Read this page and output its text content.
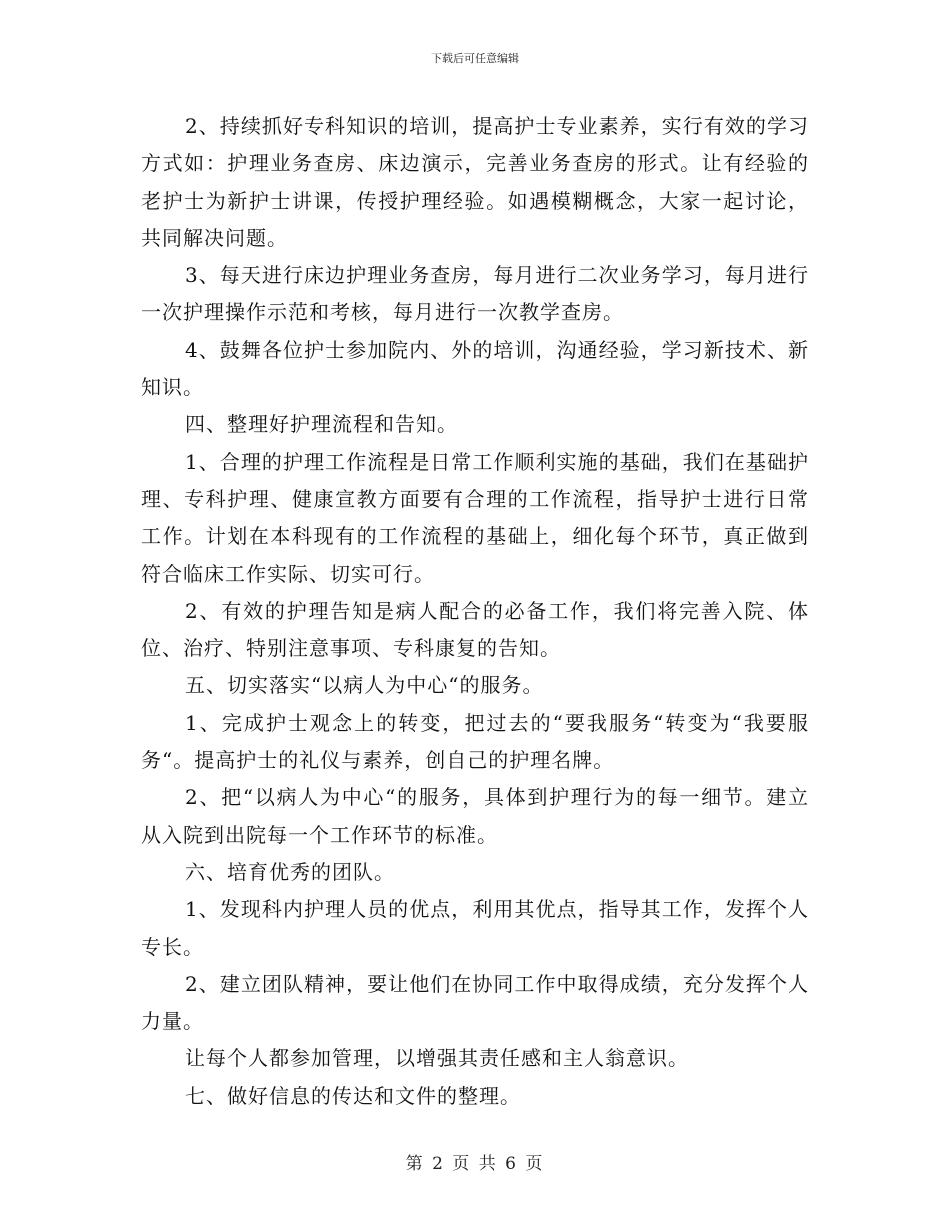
下载后可任意编辑

2、持续抓好专科知识的培训，提高护士专业素养，实行有效的学习方式如：护理业务查房、床边演示，完善业务查房的形式。让有经验的老护士为新护士讲课，传授护理经验。如遇模糊概念，大家一起讨论，共同解决问题。

3、每天进行床边护理业务查房，每月进行二次业务学习，每月进行一次护理操作示范和考核，每月进行一次教学查房。

4、鼓舞各位护士参加院内、外的培训，沟通经验，学习新技术、新知识。

四、整理好护理流程和告知。

1、合理的护理工作流程是日常工作顺利实施的基础，我们在基础护理、专科护理、健康宣教方面要有合理的工作流程，指导护士进行日常工作。计划在本科现有的工作流程的基础上，细化每个环节，真正做到符合临床工作实际、切实可行。

2、有效的护理告知是病人配合的必备工作，我们将完善入院、体位、治疗、特别注意事项、专科康复的告知。

五、切实落实“以病人为中心“的服务。

1、完成护士观念上的转变，把过去的“要我服务“转变为“我要服务“。提高护士的礼仪与素养，创自己的护理名牌。

2、把“以病人为中心“的服务，具体到护理行为的每一细节。建立从入院到出院每一个工作环节的标准。

六、培育优秀的团队。

1、发现科内护理人员的优点，利用其优点，指导其工作，发挥个人专长。

2、建立团队精神，要让他们在协同工作中取得成绩，充分发挥个人力量。

让每个人都参加管理，以增强其责任感和主人翁意识。

七、做好信息的传达和文件的整理。

第 2 页 共 6 页
